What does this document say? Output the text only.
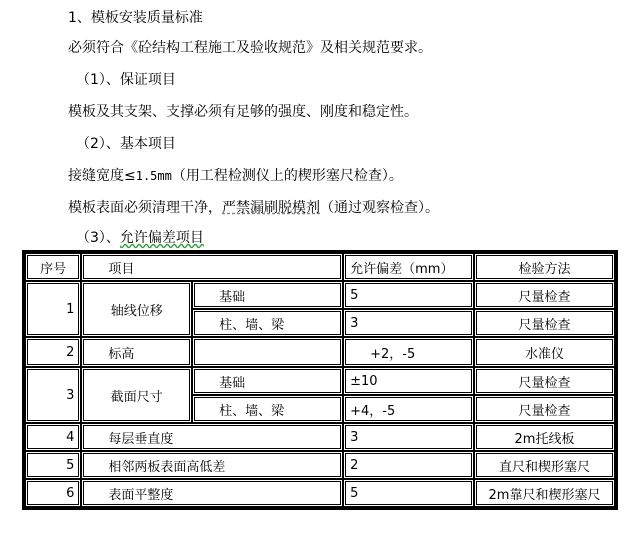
1、模板安装质量标准
必须符合《砼结构工程施工及验收规范》及相关规范要求。
（1）、保证项目
模板及其支架、支撑必须有足够的强度、刚度和稳定性。
（2）、基本项目
接缝宽度≤1.5mm（用工程检测仪上的楔形塞尺检查）。
模板表面必须清理干净，严禁漏刷脱模剂（通过观察检查）。
（3）、允许偏差项目
序号	项目		允许偏差（mm）	检验方法
1	轴线位移	基础	5	尺量检查
		柱、墙、梁	3	尺量检查
2	标高		+2，-5	水准仪
3	截面尺寸	基础	±10	尺量检查
		柱、墙、梁	+4，-5	尺量检查
4	每层垂直度		3	2m托线板
5	相邻两板表面高低差		2	直尺和楔形塞尺
6	表面平整度		5	2m靠尺和楔形塞尺
